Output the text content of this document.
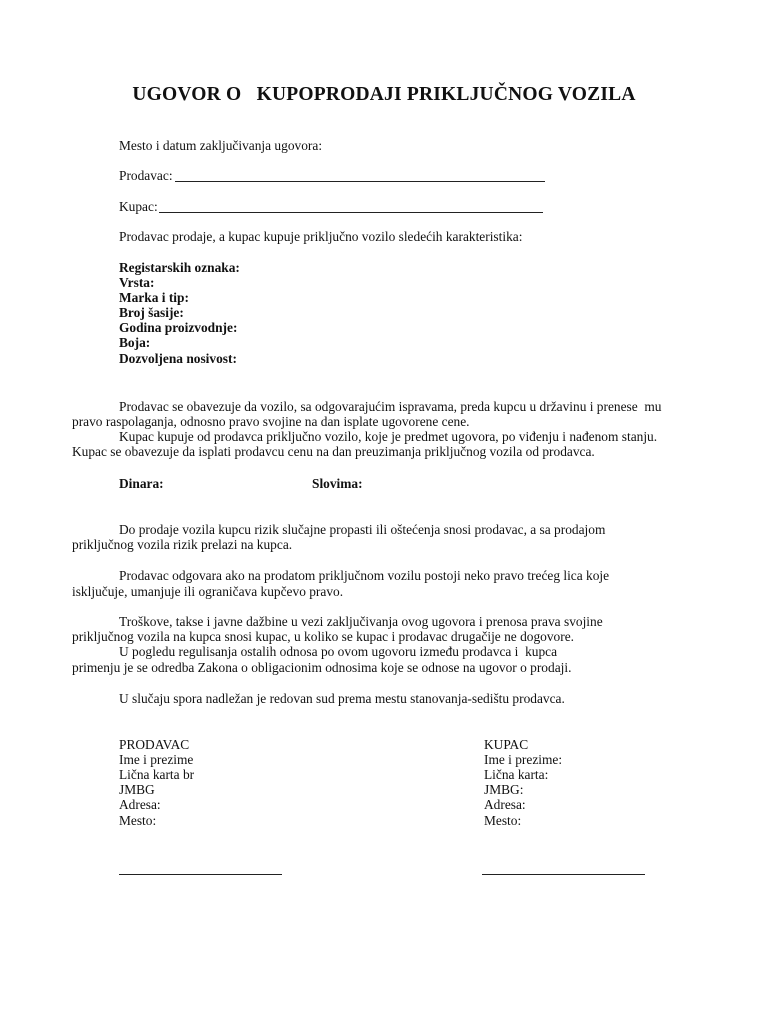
UGOVOR O   KUPOPRODAJI PRIKLJUČNOG VOZILA
Mesto i datum zaključivanja ugovora:
Prodavac:
Kupac:
Prodavac prodaje, a kupac kupuje priključno vozilo sledećih karakteristika:
Registarskih oznaka:
Vrsta:
Marka i tip:
Broj šasije:
Godina proizvodnje:
Boja:
Dozvoljena nosivost:
Prodavac se obavezuje da vozilo, sa odgovarajućim ispravama, preda kupcu u državinu i prenese  mu
pravo raspolaganja, odnosno pravo svojine na dan isplate ugovorene cene.
Kupac kupuje od prodavca priključno vozilo, koje je predmet ugovora, po viđenju i nađenom stanju.
Kupac se obavezuje da isplati prodavcu cenu na dan preuzimanja priključnog vozila od prodavca.
Dinara:	Slovima:
Do prodaje vozila kupcu rizik slučajne propasti ili oštećenja snosi prodavac, a sa prodajom
priključnog vozila rizik prelazi na kupca.
Prodavac odgovara ako na prodatom priključnom vozilu postoji neko pravo trećeg lica koje
isključuje, umanjuje ili ograničava kupčevo pravo.
Troškove, takse i javne dažbine u vezi zaključivanja ovog ugovora i prenosa prava svojine
priključnog vozila na kupca snosi kupac, u koliko se kupac i prodavac drugačije ne dogovore.
U pogledu regulisanja ostalih odnosa po ovom ugovoru između prodavca i  kupca
primenju je se odredba Zakona o obligacionim odnosima koje se odnose na ugovor o prodaji.
U slučaju spora nadležan je redovan sud prema mestu stanovanja-sedištu prodavca.
PRODAVAC
Ime i prezime
Lična karta br
JMBG
Adresa:
Mesto:
KUPAC
Ime i prezime:
Lična karta:
JMBG:
Adresa:
Mesto:
